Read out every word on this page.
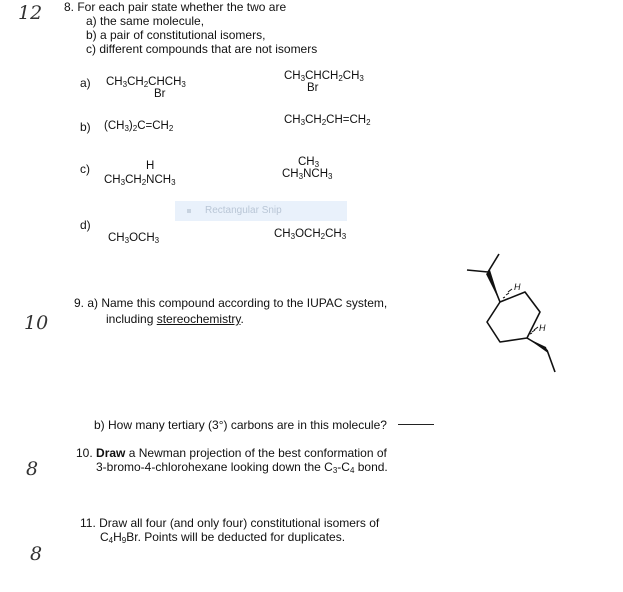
12
10
8
8
8. For each pair state whether the two are
a) the same molecule,
b) a pair of constitutional isomers,
c) different compounds that are not isomers
a) $CH_3CH_2CHCH_3$
Br
$CH_3CHCH_2CH_3$
Br
b) $(CH_3)_2C=CH_2$
$CH_3CH_2CH=CH_2$
c)	H
$CH_3CH_2NCH_3$
$CH_3$
$CH_3NCH_3$
Rectangular Snip
d)
$CH_3OCH_3$
$CH_3OCH_2CH_3$
9. a) Name this compound according to the IUPAC system,
including stereochemistry.
H
H
b) How many tertiary (3°) carbons are in this molecule?
10. Draw a Newman projection of the best conformation of
3-bromo-4-chlorohexane looking down the $C_3-C_4$ bond.
11. Draw all four (and only four) constitutional isomers of
$C_4H_9Br$. Points will be deducted for duplicates.
